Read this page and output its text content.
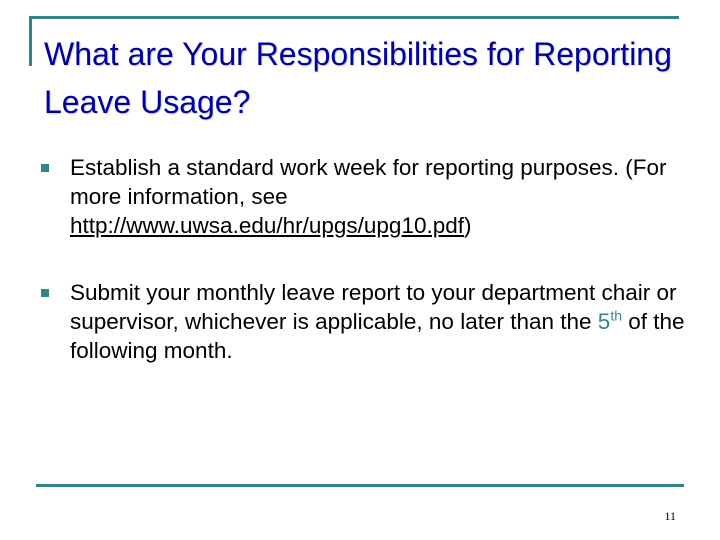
What are Your Responsibilities for Reporting Leave Usage?
Establish a standard work week for reporting purposes. (For more information, see http://www.uwsa.edu/hr/upgs/upg10.pdf)
Submit your monthly leave report to your department chair or supervisor, whichever is applicable, no later than the 5th of the following month.
11
